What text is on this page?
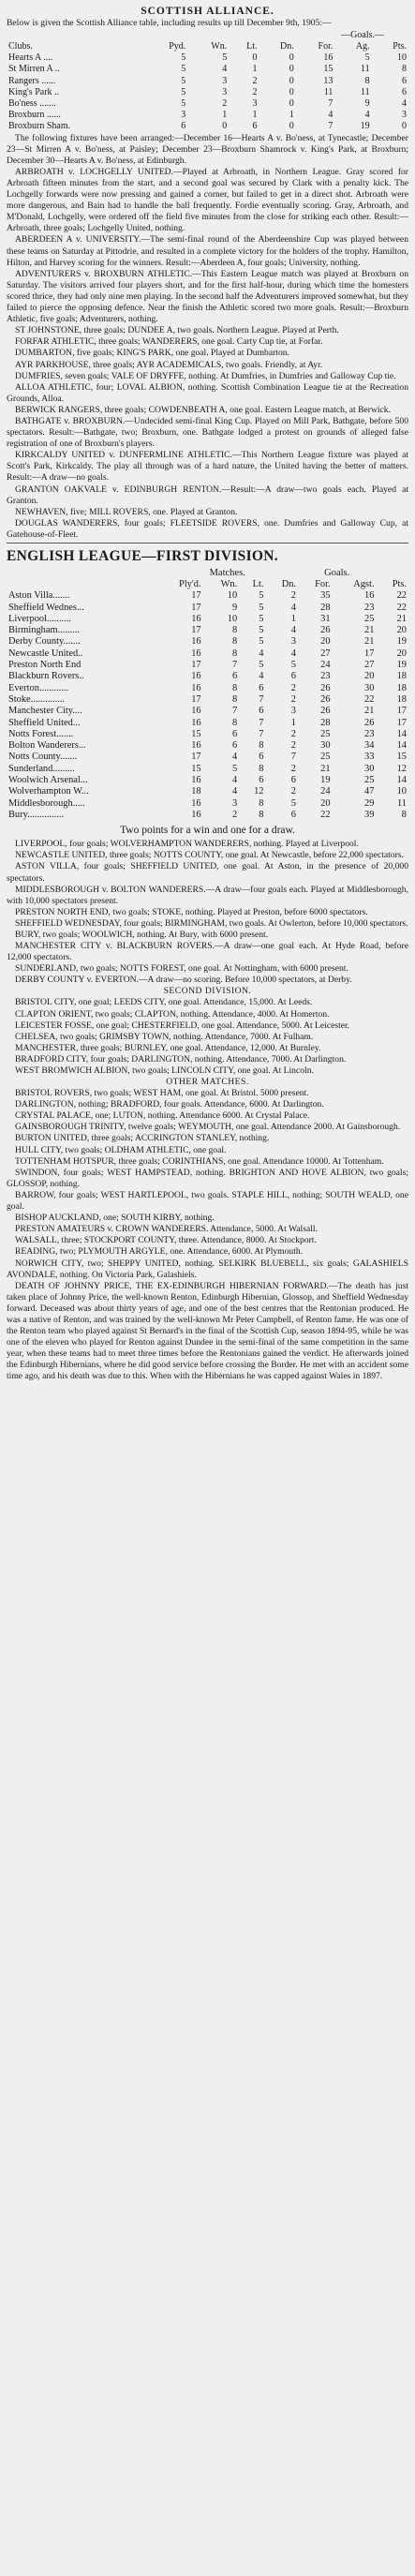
SCOTTISH ALLIANCE.

Below is given the Scottish Alliance table, including results up till December 9th, 1905:—

—Goals.—
Clubs.	Pyd.	Wn.	Lt.	Dn.	For.	Ag.	Pts.
Hearts A ....	5	5	0	0	16	5	10
St Mirren A ..	5	4	1	0	15	11	8
Rangers ......	5	3	2	0	13	8	6
King's Park ..	5	3	2	0	11	11	6
Bo'ness .......	5	2	3	0	7	9	4
Broxburn ......	3	1	1	1	4	4	3
Broxburn Sham.	6	0	6	0	7	19	0

The following fixtures have been arranged:—December 16—Hearts A v. Bo'ness, at Tynecastle; December 23—St Mirren A v. Bo'ness, at Paisley; December 23—Broxburn Shamrock v. King's Park, at Broxburn; December 30—Hearts A v. Bo'ness, at Edinburgh.

ARBROATH v. LOCHGELLY UNITED.—Played at Arbroath, in Northern League. Gray scored for Arbroath fifteen minutes from the start, and a second goal was secured by Clark with a penalty kick. The Lochgelly forwards were now pressing and gained a corner, but failed to get in a direct shot. Arbroath were more dangerous, and Bain had to handle the ball frequently. Fordie eventually scoring. Gray, Arbroath, and M'Donald, Lochgelly, were ordered off the field five minutes from the close for striking each other. Result:—Arbroath, three goals; Lochgelly United, nothing.

ABERDEEN A v. UNIVERSITY.—The semi-final round of the Aberdeenshire Cup was played between these teams on Saturday at Pittodrie, and resulted in a complete victory for the holders of the trophy. Hamilton, Hilton, and Harvey scoring for the winners. Result:—Aberdeen A, four goals; University, nothing.

ADVENTURERS v. BROXBURN ATHLETIC.—This Eastern League match was played at Broxburn on Saturday. The visitors arrived four players short, and for the first half-hour, during which time the homesters scored thrice, they had only nine men playing. In the second half the Adventurers improved somewhat, but they failed to pierce the opposing defence. Near the finish the Athletic scored two more goals. Result:—Broxburn Athletic, five goals; Adventurers, nothing.

ST JOHNSTONE, three goals; DUNDEE A, two goals. Northern League. Played at Perth.

FORFAR ATHLETIC, three goals; WANDERERS, one goal. Carty Cup tie, at Forfar.

DUMBARTON, five goals; KING'S PARK, one goal. Played at Dumbarton.

AYR PARKHOUSE, three goals; AYR ACADEMICALS, two goals. Friendly, at Ayr.

DUMFRIES, seven goals; VALE OF DRYFFE, nothing. At Dumfries, in Dumfries and Galloway Cup tie.

ALLOA ATHLETIC, four; LOVAL ALBION, nothing. Scottish Combination League tie at the Recreation Grounds, Alloa.

BERWICK RANGERS, three goals; COWDENBEATH A, one goal. Eastern League match, at Berwick.

BATHGATE v. BROXBURN.—Undecided semi-final King Cup. Played on Mill Park, Bathgate, before 500 spectators. Result:—Bathgate, two; Broxburn, one. Bathgate lodged a protest on grounds of alleged false registration of one of Broxburn's players.

KIRKCALDY UNITED v. DUNFERMLINE ATHLETIC.—This Northern League fixture was played at Scott's Park, Kirkcaldy. The play all through was of a hard nature, the United having the better of matters. Result:—A draw—no goals.

GRANTON OAKVALE v. EDINBURGH RENTON.—Result:—A draw—two goals each. Played at Granton.

NEWHAVEN, five; MILL ROVERS, one. Played at Granton.

DOUGLAS WANDERERS, four goals; FLEETSIDE ROVERS, one. Dumfries and Galloway Cup, at Gatehouse-of-Fleet.

ENGLISH LEAGUE—FIRST DIVISION.
	Matches.				Goals.		
	Ply'd.	Wn.	Lt.	Dn.	For.	Agst.	Pts.
Aston Villa.......	17	10	5	2	35	16	22
Sheffield Wednes...	17	9	5	4	28	23	22
Liverpool..........	16	10	5	1	31	25	21
Birmingham.........	17	8	5	4	26	21	20
Derby County.......	16	8	5	3	20	21	19
Newcastle United..	16	8	4	4	27	17	20
Preston North End	17	7	5	5	24	27	19
Blackburn Rovers..	16	6	4	6	23	20	18
Everton............	16	8	6	2	26	30	18
Stoke..............	17	8	7	2	26	22	18
Manchester City....	16	7	6	3	26	21	17
Sheffield United...	16	8	7	1	28	26	17
Notts Forest.......	15	6	7	2	25	23	14
Bolton Wanderers...	16	6	8	2	30	34	14
Notts County.......	17	4	6	7	25	33	15
Sunderland.........	15	5	8	2	21	30	12
Woolwich Arsenal...	16	4	6	6	19	25	14
Wolverhampton W...	18	4	12	2	24	47	10
Middlesborough.....	16	3	8	5	20	29	11
Bury...............	16	2	8	6	22	39	8
Two points for a win and one for a draw.

LIVERPOOL, four goals; WOLVERHAMPTON WANDERERS, nothing. Played at Liverpool.

NEWCASTLE UNITED, three goals; NOTTS COUNTY, one goal. At Newcastle, before 22,000 spectators.

ASTON VILLA, four goals; SHEFFIELD UNITED, one goal. At Aston, in the presence of 20,000 spectators.

MIDDLESBOROUGH v. BOLTON WANDERERS.—A draw—four goals each. Played at Middlesborough, with 10,000 spectators present.

PRESTON NORTH END, two goals; STOKE, nothing. Played at Preston, before 6000 spectators.

SHEFFIELD WEDNESDAY, four goals; BIRMINGHAM, two goals. At Owlerton, before 10,000 spectators.

BURY, two goals; WOOLWICH, nothing. At Bury, with 6000 present.

MANCHESTER CITY v. BLACKBURN ROVERS.—A draw—one goal each. At Hyde Road, before 12,000 spectators.

SUNDERLAND, two goals; NOTTS FOREST, one goal. At Nottingham, with 6000 present.

DERBY COUNTY v. EVERTON.—A draw—no scoring. Before 10,000 spectators, at Derby.

SECOND DIVISION.

BRISTOL CITY, one goal; LEEDS CITY, one goal. Attendance, 15,000. At Leeds.

CLAPTON ORIENT, two goals; CLAPTON, nothing. Attendance, 4000. At Homerton.

LEICESTER FOSSE, one goal; CHESTERFIELD, one goal. Attendance, 5000. At Leicester.

CHELSEA, two goals; GRIMSBY TOWN, nothing. Attendance, 7000. At Fulham.

MANCHESTER, three goals; BURNLEY, one goal. Attendance, 12,000. At Burnley.

BRADFORD CITY, four goals; DARLINGTON, nothing. Attendance, 7000. At Darlington.

WEST BROMWICH ALBION, two goals; LINCOLN CITY, one goal. At Lincoln.

OTHER MATCHES.

BRISTOL ROVERS, two goals; WEST HAM, one goal. At Bristol. 5000 present.

DARLINGTON, nothing; BRADFORD, four goals. Attendance, 6000. At Darlington.

CRYSTAL PALACE, one; LUTON, nothing. Attendance 6000. At Crystal Palace.

GAINSBOROUGH TRINITY, twelve goals; WEYMOUTH, one goal. Attendance 2000. At Gainsborough.

BURTON UNITED, three goals; ACCRINGTON STANLEY, nothing.

HULL CITY, two goals; OLDHAM ATHLETIC, one goal.

TOTTENHAM HOTSPUR, three goals; CORINTHIANS, one goal. Attendance 10000. At Tottenham.

SWINDON, four goals; WEST HAMPSTEAD, nothing. BRIGHTON AND HOVE ALBION, two goals; GLOSSOP, nothing.

BARROW, four goals; WEST HARTLEPOOL, two goals. STAPLE HILL, nothing; SOUTH WEALD, one goal.

BISHOP AUCKLAND, one; SOUTH KIRBY, nothing.

PRESTON AMATEURS v. CROWN WANDERERS. Attendance, 5000. At Walsall.

WALSALL, three; STOCKPORT COUNTY, three. Attendance, 8000. At Stockport.

READING, two; PLYMOUTH ARGYLE, one. Attendance, 6000. At Plymouth.

NORWICH CITY, two; SHEPPY UNITED, nothing. SELKIRK BLUEBELL, six goals; GALASHIELS AVONDALE, nothing. On Victoria Park, Galashiels.

DEATH OF JOHNNY PRICE, THE EX-EDINBURGH HIBERNIAN FORWARD.—The death has just taken place of Johnny Price, the well-known Renton, Edinburgh Hibernian, Glossop, and Sheffield Wednesday forward. Deceased was about thirty years of age, and one of the best centres that the Rentonian produced. He was a native of Renton, and was trained by the well-known Mr Peter Campbell, of Renton fame. He was one of the Renton team who played against St Bernard's in the final of the Scottish Cup, season 1894-95, while he was one of the eleven who played for Renton against Dundee in the semi-final of the same competition in the same year, when these teams had to meet three times before the Rentonians gained the verdict. He afterwards joined the Edinburgh Hibernians, where he did good service before crossing the Border. He met with an accident some time ago, and his death was due to this. When with the Hibernians he was capped against Wales in 1897.
